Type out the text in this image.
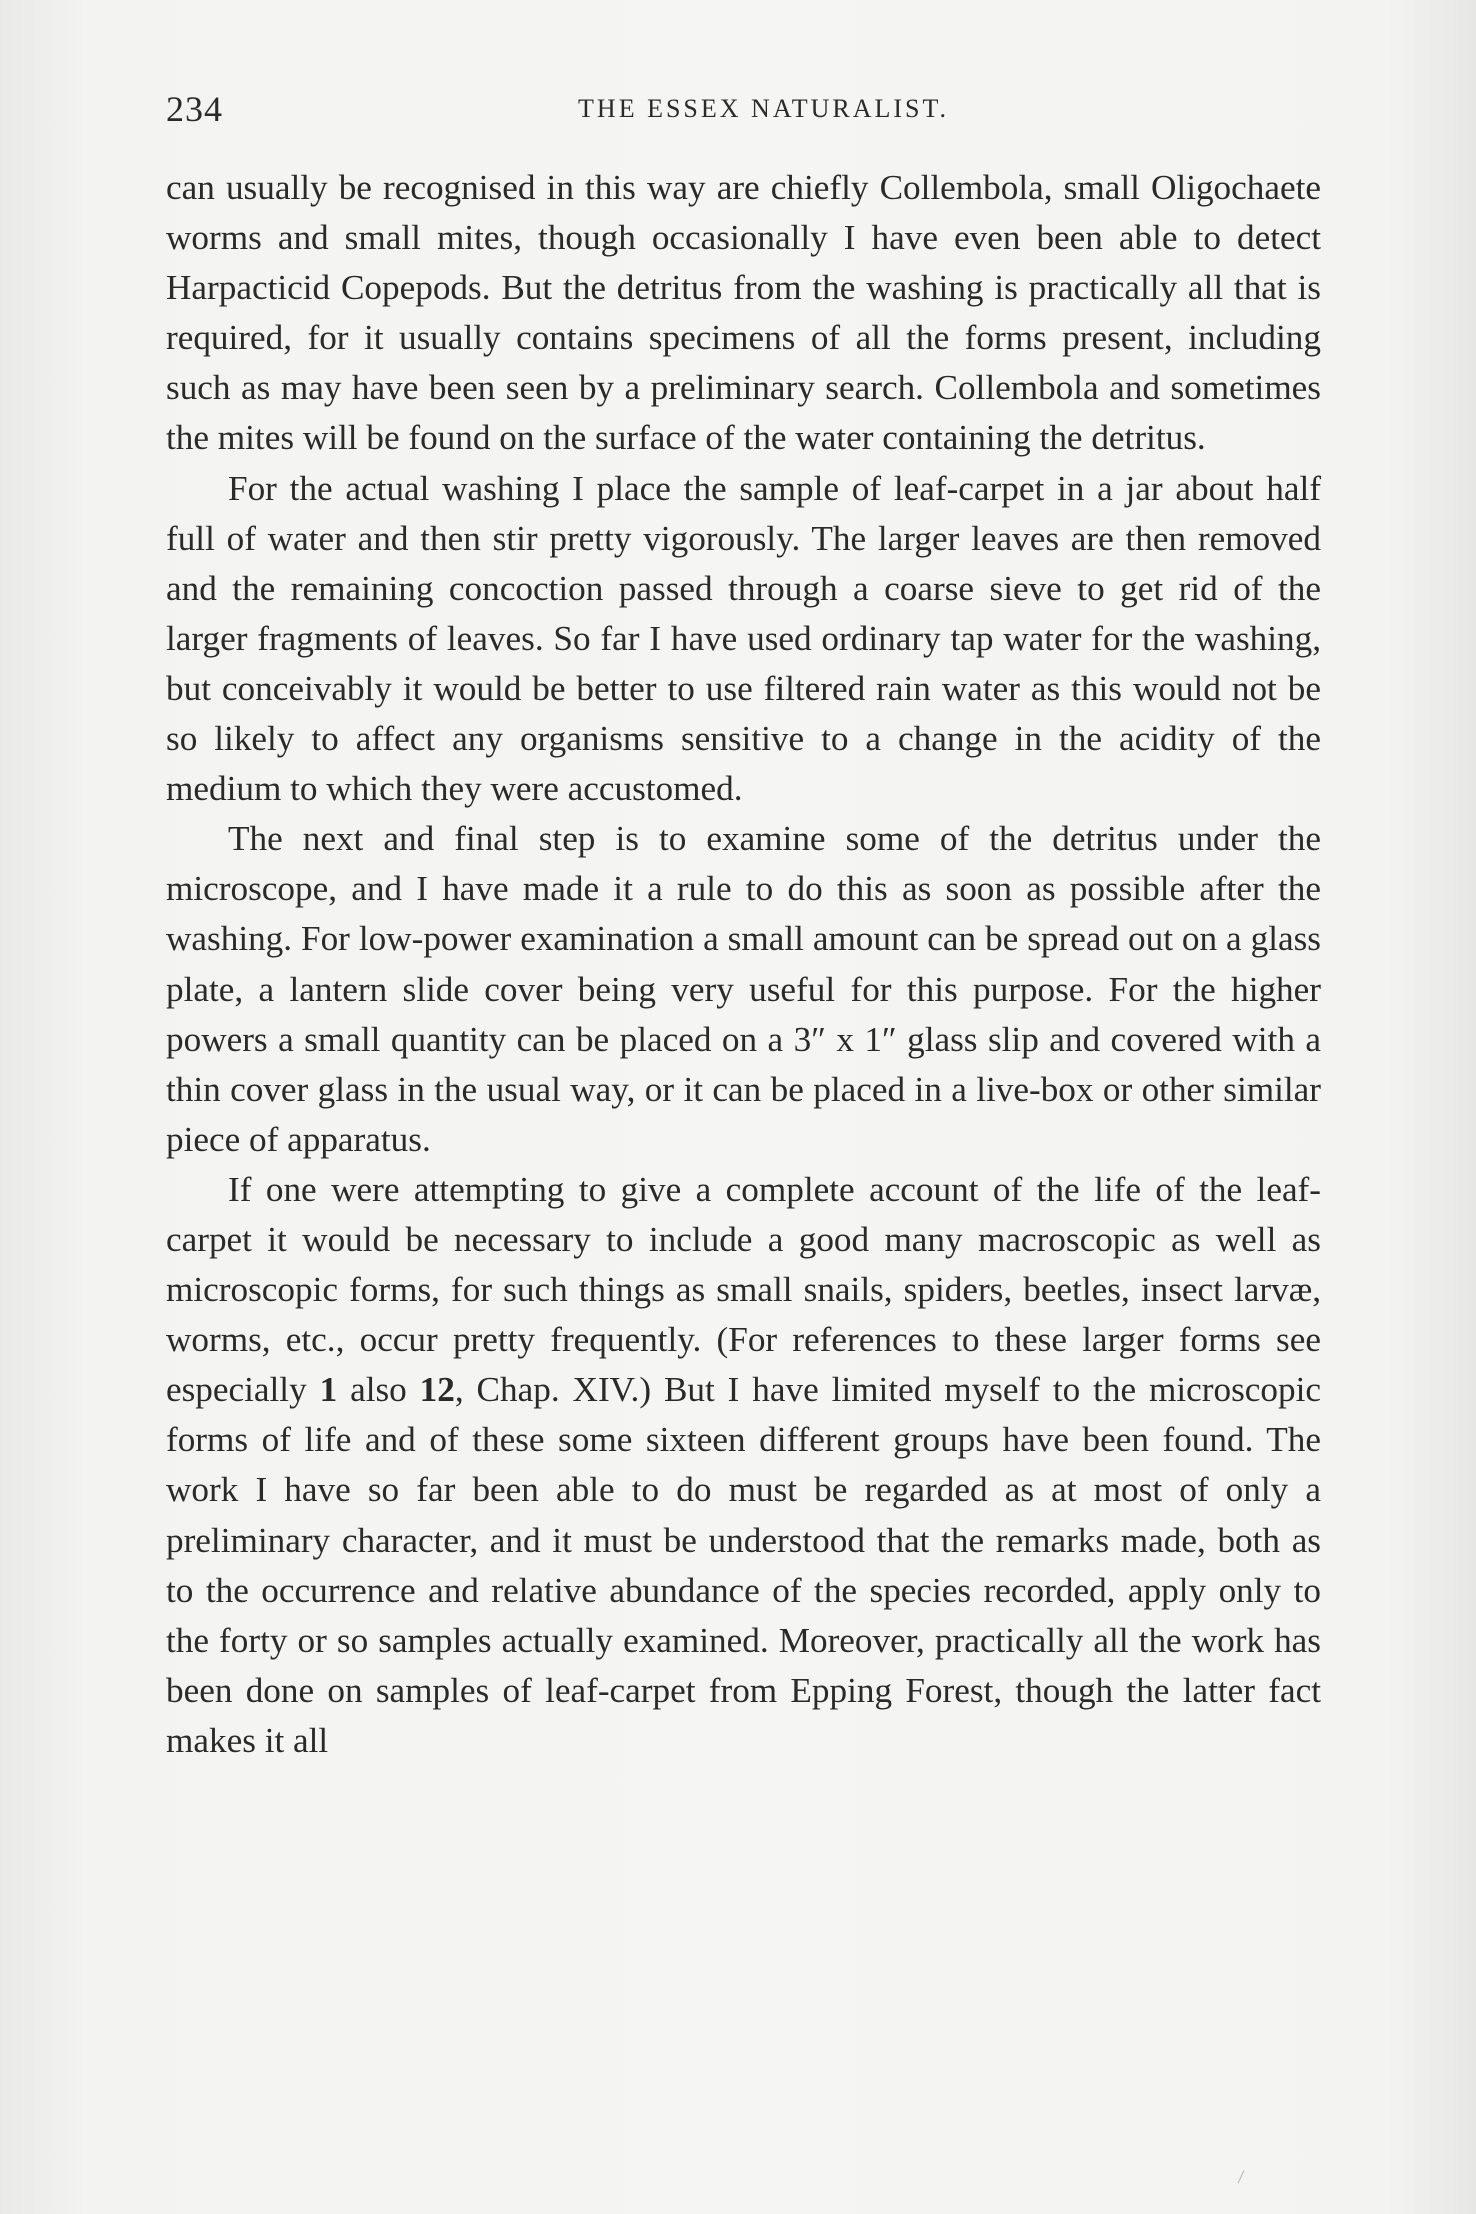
234	THE ESSEX NATURALIST.

can usually be recognised in this way are chiefly Collembola, small Oligochaete worms and small mites, though occasionally I have even been able to detect Harpacticid Copepods. But the detritus from the washing is practically all that is required, for it usually contains specimens of all the forms present, including such as may have been seen by a preliminary search. Collembola and sometimes the mites will be found on the surface of the water containing the detritus.

For the actual washing I place the sample of leaf-carpet in a jar about half full of water and then stir pretty vigorously. The larger leaves are then removed and the remaining concoction passed through a coarse sieve to get rid of the larger fragments of leaves. So far I have used ordinary tap water for the washing, but conceivably it would be better to use filtered rain water as this would not be so likely to affect any organisms sensitive to a change in the acidity of the medium to which they were accustomed.

The next and final step is to examine some of the detritus under the microscope, and I have made it a rule to do this as soon as possible after the washing. For low-power examination a small amount can be spread out on a glass plate, a lantern slide cover being very useful for this purpose. For the higher powers a small quantity can be placed on a 3″ x 1″ glass slip and covered with a thin cover glass in the usual way, or it can be placed in a live-box or other similar piece of apparatus.

If one were attempting to give a complete account of the life of the leaf-carpet it would be necessary to include a good many macroscopic as well as microscopic forms, for such things as small snails, spiders, beetles, insect larvæ, worms, etc., occur pretty frequently. (For references to these larger forms see especially 1 also 12, Chap. XIV.) But I have limited myself to the microscopic forms of life and of these some sixteen different groups have been found. The work I have so far been able to do must be regarded as at most of only a preliminary character, and it must be understood that the remarks made, both as to the occurrence and relative abundance of the species recorded, apply only to the forty or so samples actually examined. Moreover, practically all the work has been done on samples of leaf-carpet from Epping Forest, though the latter fact makes it all
